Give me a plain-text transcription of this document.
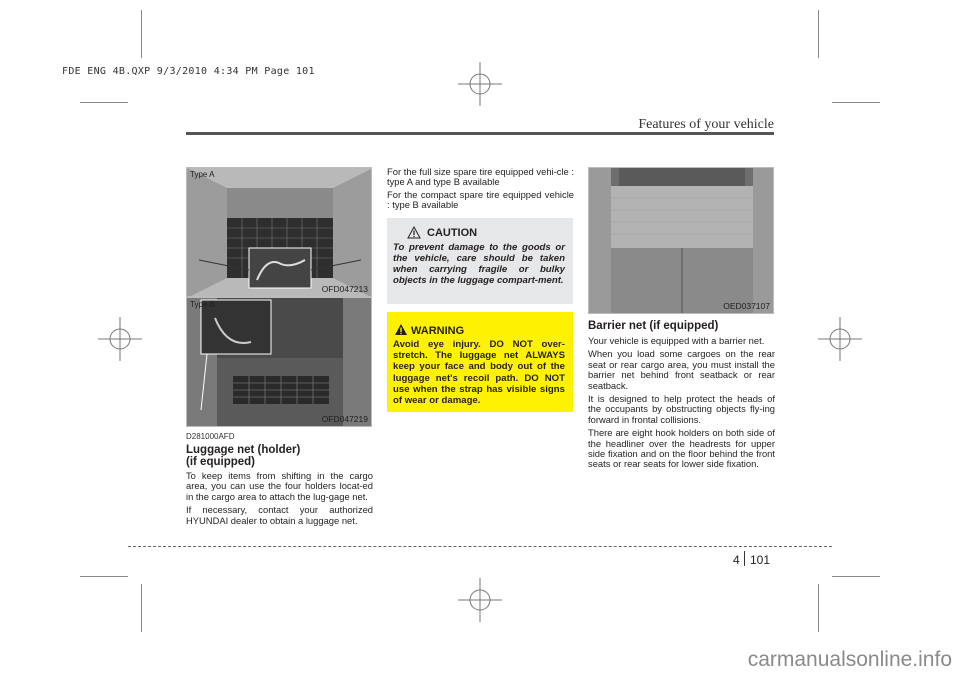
FDE ENG 4B.QXP 9/3/2010 4:34 PM Page 101
Features of your vehicle
Type A
OFD047213
Type B
OFD047219
D281000AFD
Luggage net (holder)
(if equipped)

To keep items from shifting in the cargo area, you can use the four holders locat-ed in the cargo area to attach the lug-gage net.

If necessary, contact your authorized HYUNDAI dealer to obtain a luggage net.

For the full size spare tire equipped vehi-cle : type A and type B available

For the compact spare tire equipped vehicle : type B available

CAUTION
To prevent damage to the goods or the vehicle, care should be taken when carrying fragile or bulky objects in the luggage compart-ment.
WARNING
Avoid eye injury. DO NOT over-stretch. The luggage net ALWAYS keep your face and body out of the luggage net's recoil path. DO NOT use when the strap has visible signs of wear or damage.
OED037107
Barrier net (if equipped)

Your vehicle is equipped with a barrier net.

When you load some cargoes on the rear seat or rear cargo area, you must install the barrier net behind front seatback or rear seatback.

It is designed to help protect the heads of the occupants by obstructing objects fly-ing forward in frontal collisions.

There are eight hook holders on both side of the headliner over the headrests for upper side fixation and on the floor behind the front seats or rear seats for lower side fixation.

4 101
carmanualsonline.info
